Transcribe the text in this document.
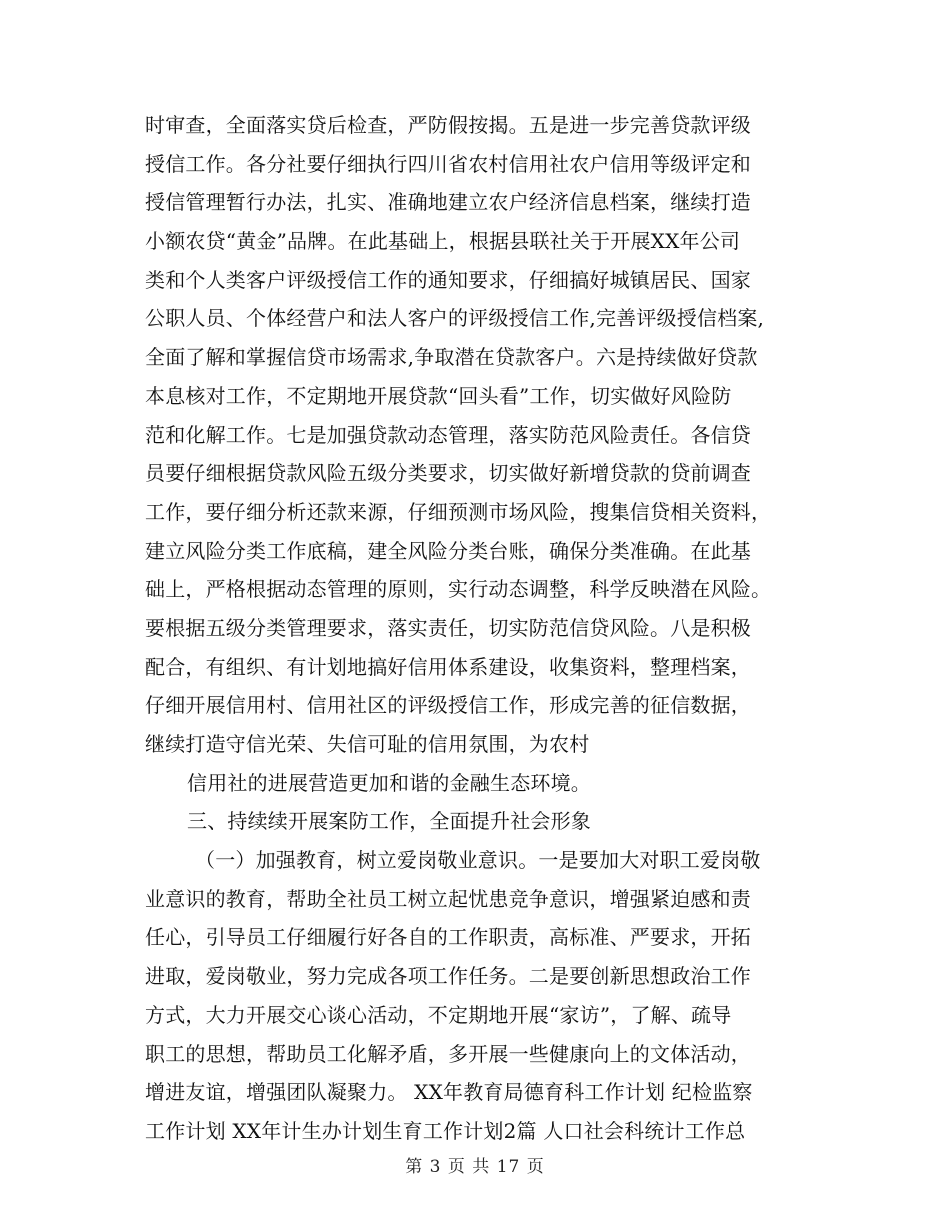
时审查，全面落实贷后检查，严防假按揭。五是进一步完善贷款评级
授信工作。各分社要仔细执行四川省农村信用社农户信用等级评定和
授信管理暂行办法，扎实、准确地建立农户经济信息档案，继续打造
小额农贷“黄金”品牌。在此基础上，根据县联社关于开展XX年公司
类和个人类客户评级授信工作的通知要求，仔细搞好城镇居民、国家
公职人员、个体经营户和法人客户的评级授信工作,完善评级授信档案,
全面了解和掌握信贷市场需求,争取潜在贷款客户。六是持续做好贷款
本息核对工作，不定期地开展贷款“回头看”工作，切实做好风险防
范和化解工作。七是加强贷款动态管理，落实防范风险责任。各信贷
员要仔细根据贷款风险五级分类要求，切实做好新增贷款的贷前调查
工作，要仔细分析还款来源，仔细预测市场风险，搜集信贷相关资料，
建立风险分类工作底稿，建全风险分类台账，确保分类准确。在此基
础上，严格根据动态管理的原则，实行动态调整，科学反映潜在风险。
要根据五级分类管理要求，落实责任，切实防范信贷风险。八是积极
配合，有组织、有计划地搞好信用体系建设，收集资料，整理档案，
仔细开展信用村、信用社区的评级授信工作，形成完善的征信数据，
继续打造守信光荣、失信可耻的信用氛围，为农村
信用社的进展营造更加和谐的金融生态环境。
三、持续续开展案防工作，全面提升社会形象
（一）加强教育，树立爱岗敬业意识。一是要加大对职工爱岗敬
业意识的教育，帮助全社员工树立起忧患竞争意识，增强紧迫感和责
任心，引导员工仔细履行好各自的工作职责，高标准、严要求，开拓
进取，爱岗敬业，努力完成各项工作任务。二是要创新思想政治工作
方式，大力开展交心谈心活动，不定期地开展“家访”，了解、疏导
职工的思想，帮助员工化解矛盾，多开展一些健康向上的文体活动，
增进友谊，增强团队凝聚力。 XX年教育局德育科工作计划 纪检监察
工作计划 XX年计生办计划生育工作计划2篇 人口社会科统计工作总
第 3 页 共 17 页
